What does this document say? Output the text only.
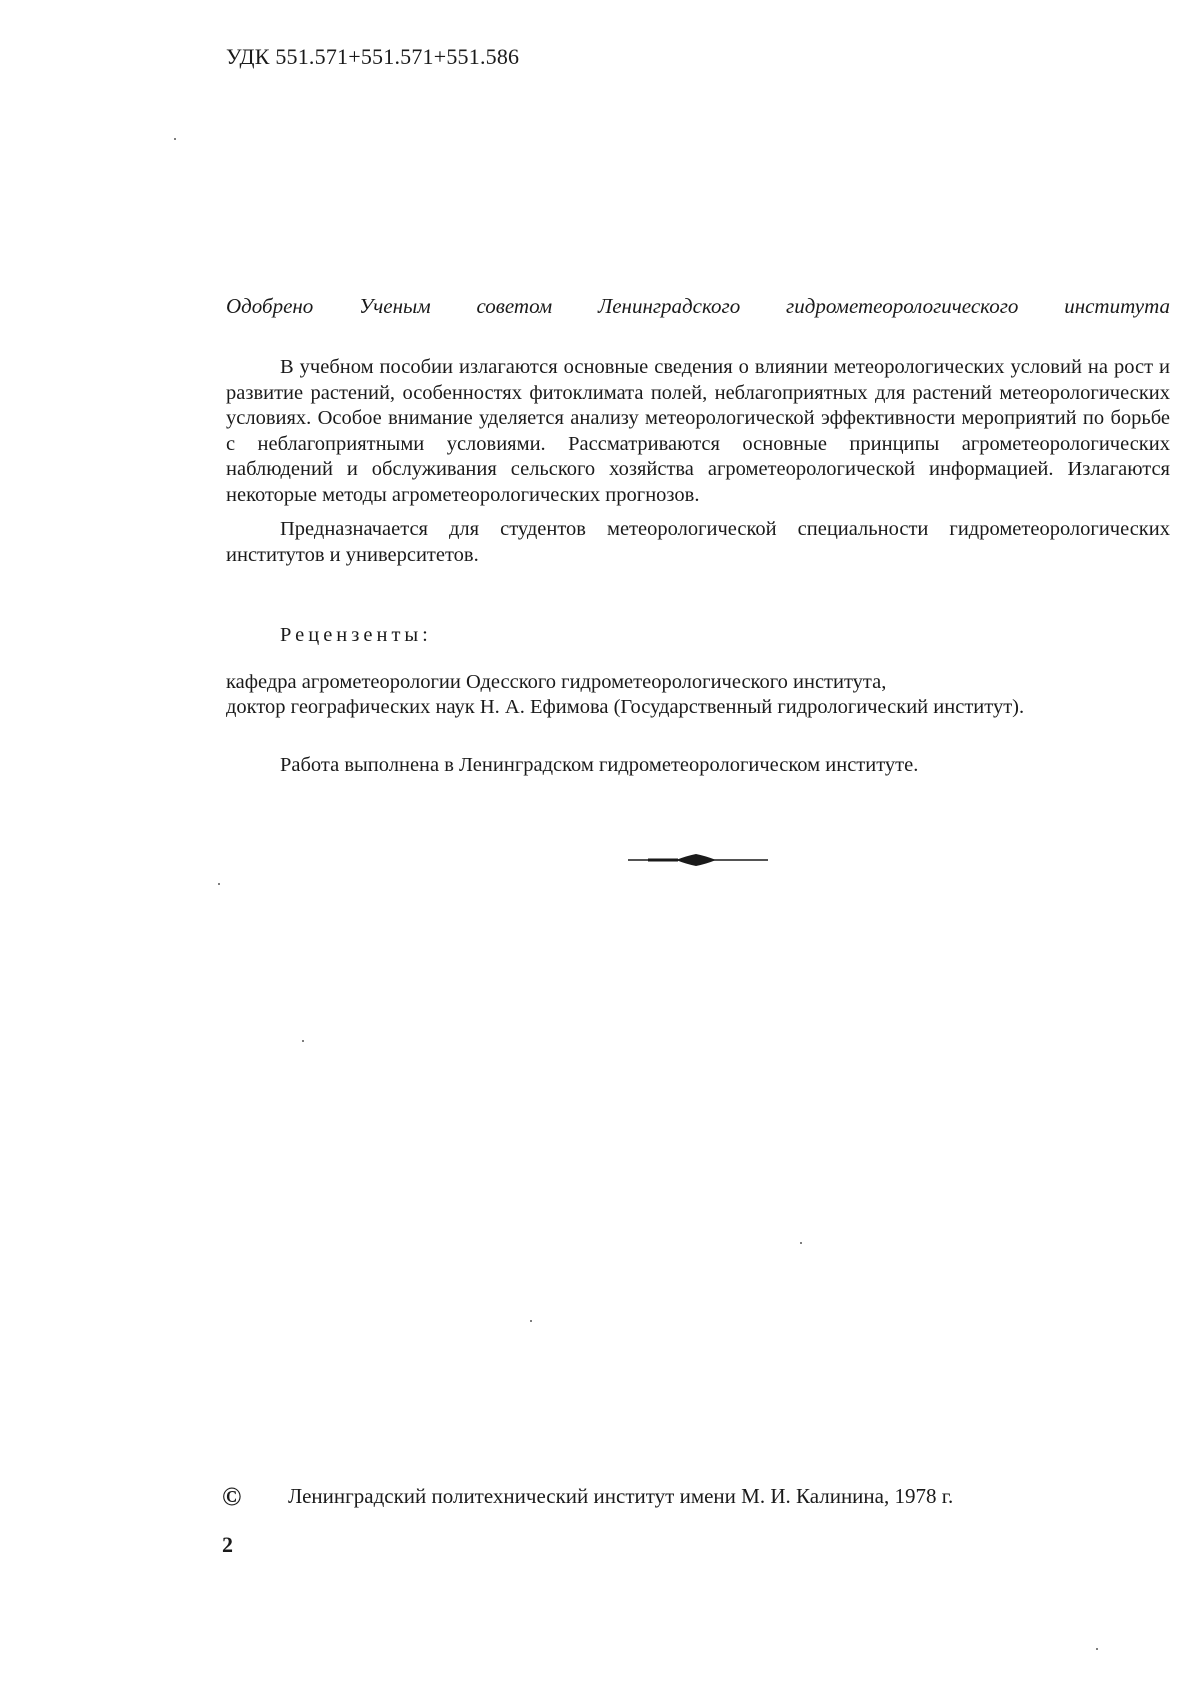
УДК 551.571+551.571+551.586
Одобрено Ученым советом Ленинградского гидрометеорологического института

В учебном пособии излагаются основные сведения о влиянии метеорологических условий на рост и развитие растений, особенностях фитоклимата полей, неблагоприятных для растений метеорологических условиях. Особое внимание уделяется анализу метеорологической эффективности мероприятий по борьбе с неблагоприятными условиями. Рассматриваются основные принципы агрометеорологических наблюдений и обслуживания сельского хозяйства агрометеорологической информацией. Излагаются некоторые методы агрометеорологических прогнозов.

Предназначается для студентов метеорологической специальности гидрометеорологических институтов и университетов.

Рецензенты:

кафедра агрометеорологии Одесского гидрометеорологического института,

доктор географических наук Н. А. Ефимова (Государственный гидрологический институт).

Работа выполнена в Ленинградском гидрометеорологическом институте.
© Ленинградский политехнический институт имени М. И. Калинина, 1978 г.
2
